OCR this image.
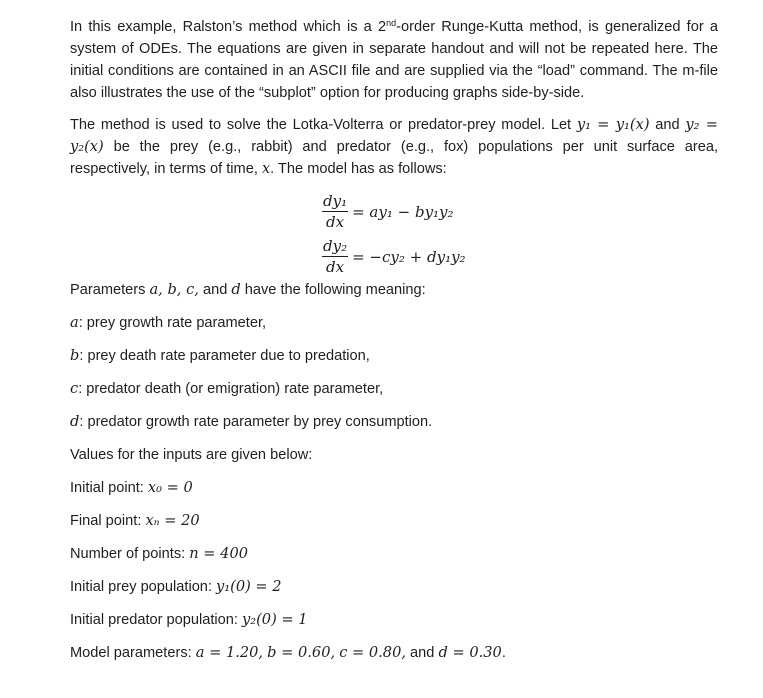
In this example, Ralston’s method which is a 2nd-order Runge-Kutta method, is generalized for a system of ODEs. The equations are given in separate handout and will not be repeated here. The initial conditions are contained in an ASCII file and are supplied via the “load” command. The m-file also illustrates the use of the “subplot” option for producing graphs side-by-side.

The method is used to solve the Lotka-Volterra or predator-prey model. Let y₁ = y₁(x) and y₂ = y₂(x) be the prey (e.g., rabbit) and predator (e.g., fox) populations per unit surface area, respectively, in terms of time, x. The model has as follows:

$\frac{\text{dy₁}}{dx} = ay_1 - by_1y_2$
$\frac{\text{dy₂}}{dx} = -cy_2 + dy_1y_2$
Parameters a, b, c, and d have the following meaning:
a: prey growth rate parameter,
b: prey death rate parameter due to predation,
c: predator death (or emigration) rate parameter,
d: predator growth rate parameter by prey consumption.
Values for the inputs are given below:
Initial point: x₀ = 0
Final point: xₙ = 20
Number of points: n = 400
Initial prey population: y₁(0) = 2
Initial predator population: y₂(0) = 1
Model parameters: a = 1.20, b = 0.60, c = 0.80, and d = 0.30.
